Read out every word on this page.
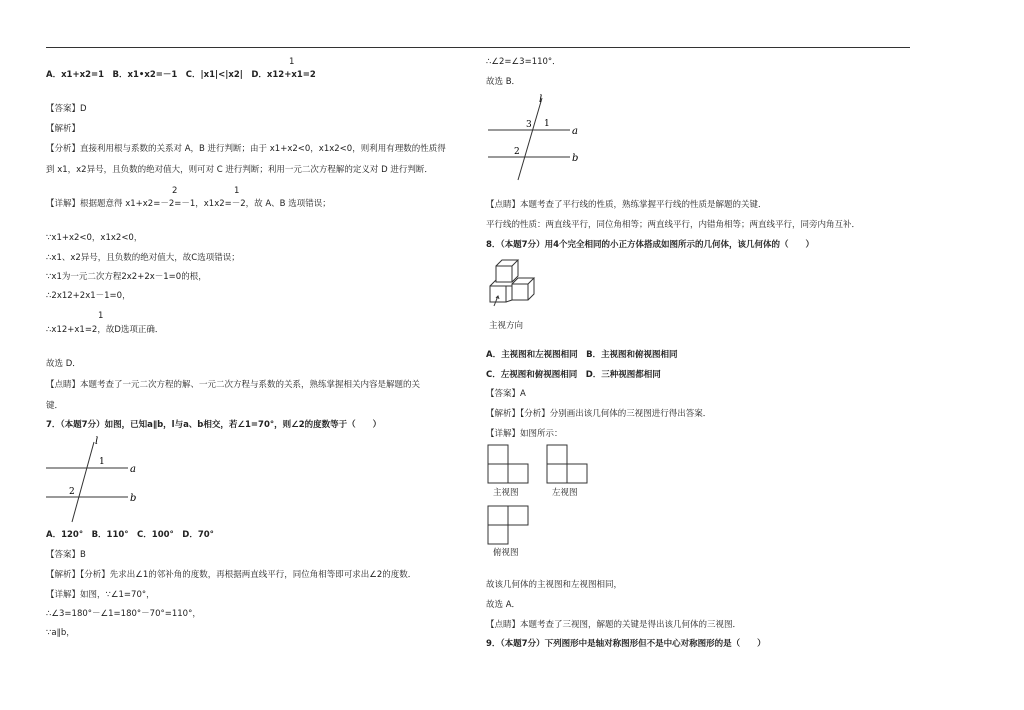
1
A．x1+x2=1　B．x1•x2=－1　C．|x1|<|x2|　D．x12+x1=2
【答案】D
【解析】
【分析】直接利用根与系数的关系对 A，B 进行判断；由于 x1+x2<0，x1x2<0，则利用有理数的性质得
到 x1，x2异号，且负数的绝对值大，则可对 C 进行判断；利用一元二次方程解的定义对 D 进行判断．
2	1
【详解】根据题意得 x1+x2=－2=－1，x1x2=－2，故 A、B 选项错误；
∵x1+x2<0，x1x2<0，
∴x1、x2异号，且负数的绝对值大，故C选项错误；
∵x1为一元二次方程2x2+2x－1=0的根，
∴2x12+2x1－1=0，
1
∴x12+x1=2，故D选项正确．
故选 D．
【点睛】本题考查了一元二次方程的解、一元二次方程与系数的关系，熟练掌握相关内容是解题的关
键．
7．（本题7分）如图，已知a∥b，l与a、b相交，若∠1=70°，则∠2的度数等于（　　）
l
a
b
1
2
A．120°　B．110°　C．100°　D．70°
【答案】B
【解析】【分析】先求出∠1的邻补角的度数，再根据两直线平行，同位角相等即可求出∠2的度数．
【详解】如图，∵∠1=70°，
∴∠3=180°－∠1=180°－70°=110°，
∵a∥b，
∴∠2=∠3=110°．
故选 B．
l
a
b
3 1
2
【点睛】本题考查了平行线的性质，熟练掌握平行线的性质是解题的关键．
平行线的性质：两直线平行，同位角相等；两直线平行，内错角相等；两直线平行，同旁内角互补．
8．（本题7分）用4个完全相同的小正方体搭成如图所示的几何体，该几何体的（　　）
主视方向
A．主视图和左视图相同　B．主视图和俯视图相同
C．左视图和俯视图相同　D．三种视图都相同
【答案】A
【解析】【分析】分别画出该几何体的三视图进行得出答案．
【详解】如图所示：
主视图	左视图
俯视图
故该几何体的主视图和左视图相同，
故选 A．
【点睛】本题考查了三视图，解题的关键是得出该几何体的三视图．
9．（本题7分）下列图形中是轴对称图形但不是中心对称图形的是（　　）
